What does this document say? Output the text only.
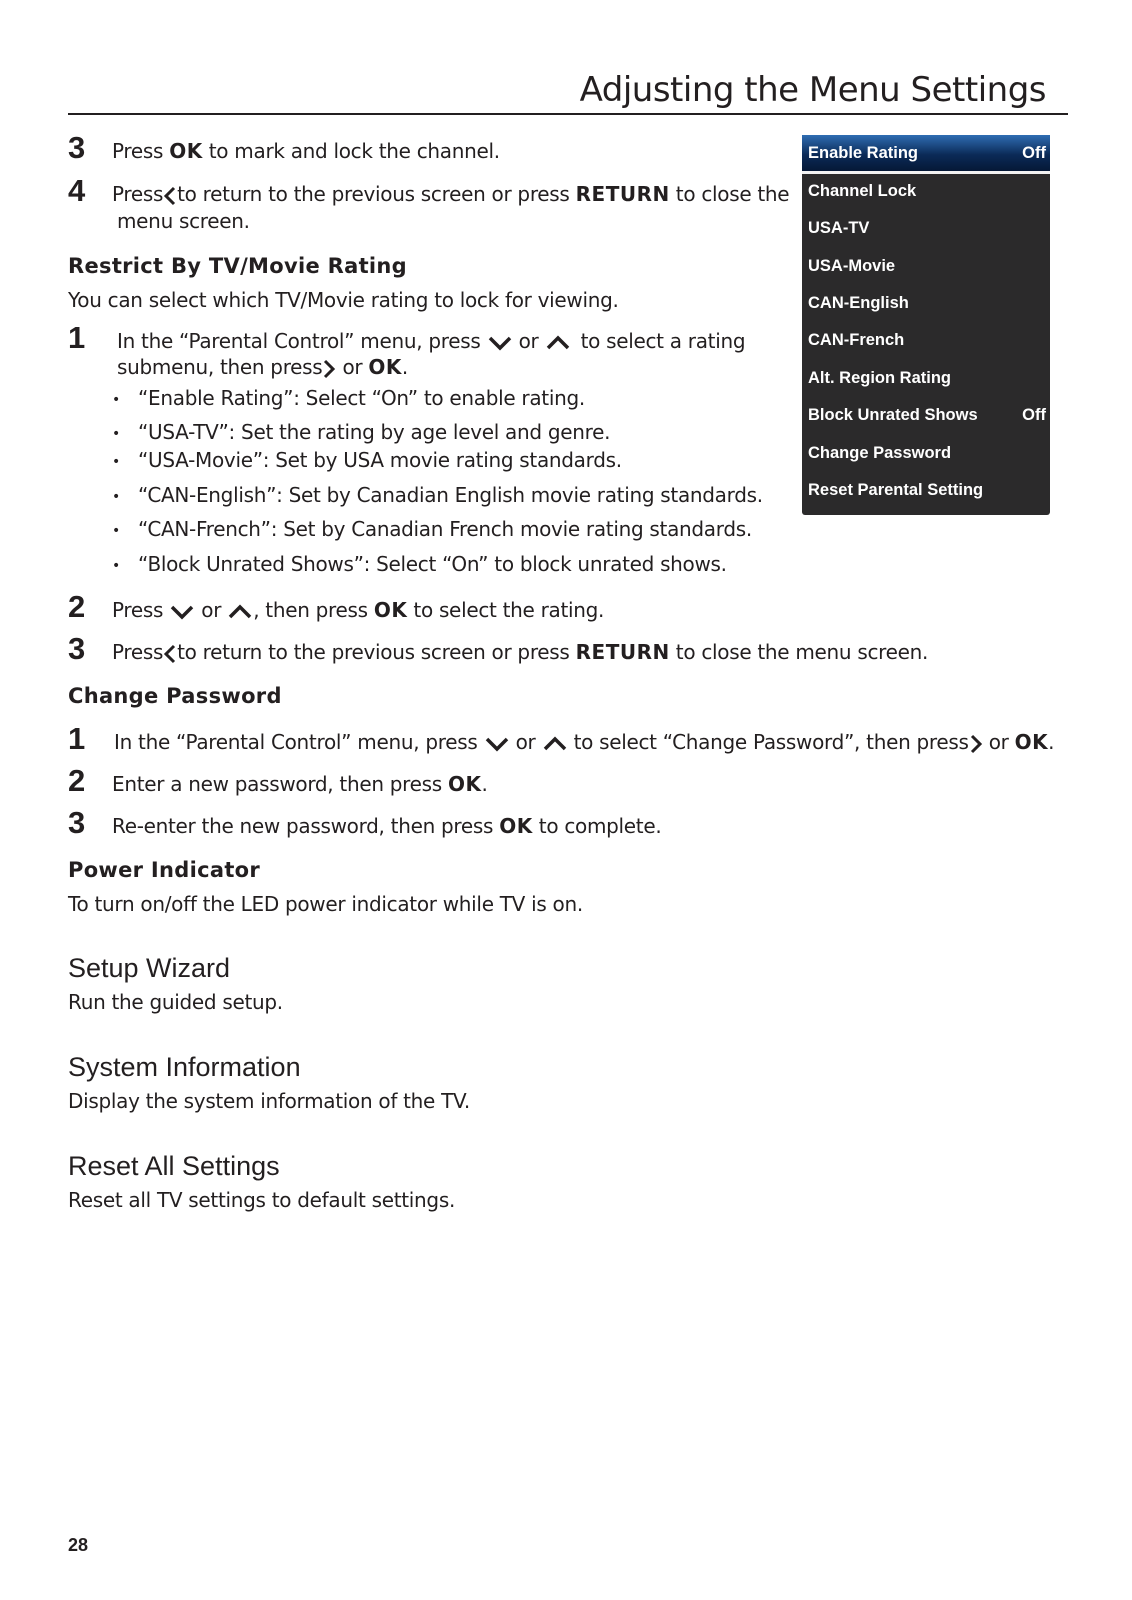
Adjusting the Menu Settings
3 Press OK to mark and lock the channel.
4 Press to return to the previous screen or press RETURN to close the
menu screen.
Restrict By TV/Movie Rating
You can select which TV/Movie rating to lock for viewing.
1 In the “Parental Control” menu, press or to select a rating
submenu, then press or OK.
• “Enable Rating”: Select “On” to enable rating.
• “USA-TV”: Set the rating by age level and genre.
• “USA-Movie”: Set by USA movie rating standards.
• “CAN-English”: Set by Canadian English movie rating standards.
• “CAN-French”: Set by Canadian French movie rating standards.
• “Block Unrated Shows”: Select “On” to block unrated shows.
2 Press or , then press OK to select the rating.
3 Press to return to the previous screen or press RETURN to close the menu screen.
Change Password
1 In the “Parental Control” menu, press or to select “Change Password”, then press or OK.
2 Enter a new password, then press OK.
3 Re-enter the new password, then press OK to complete.
Power Indicator
To turn on/off the LED power indicator while TV is on.
Setup Wizard
Run the guided setup.
System Information
Display the system information of the TV.
Reset All Settings
Reset all TV settings to default settings.
Enable Rating	Off
Channel Lock
USA-TV
USA-Movie
CAN-English
CAN-French
Alt. Region Rating
Block Unrated Shows	Off
Change Password
Reset Parental Setting
28
